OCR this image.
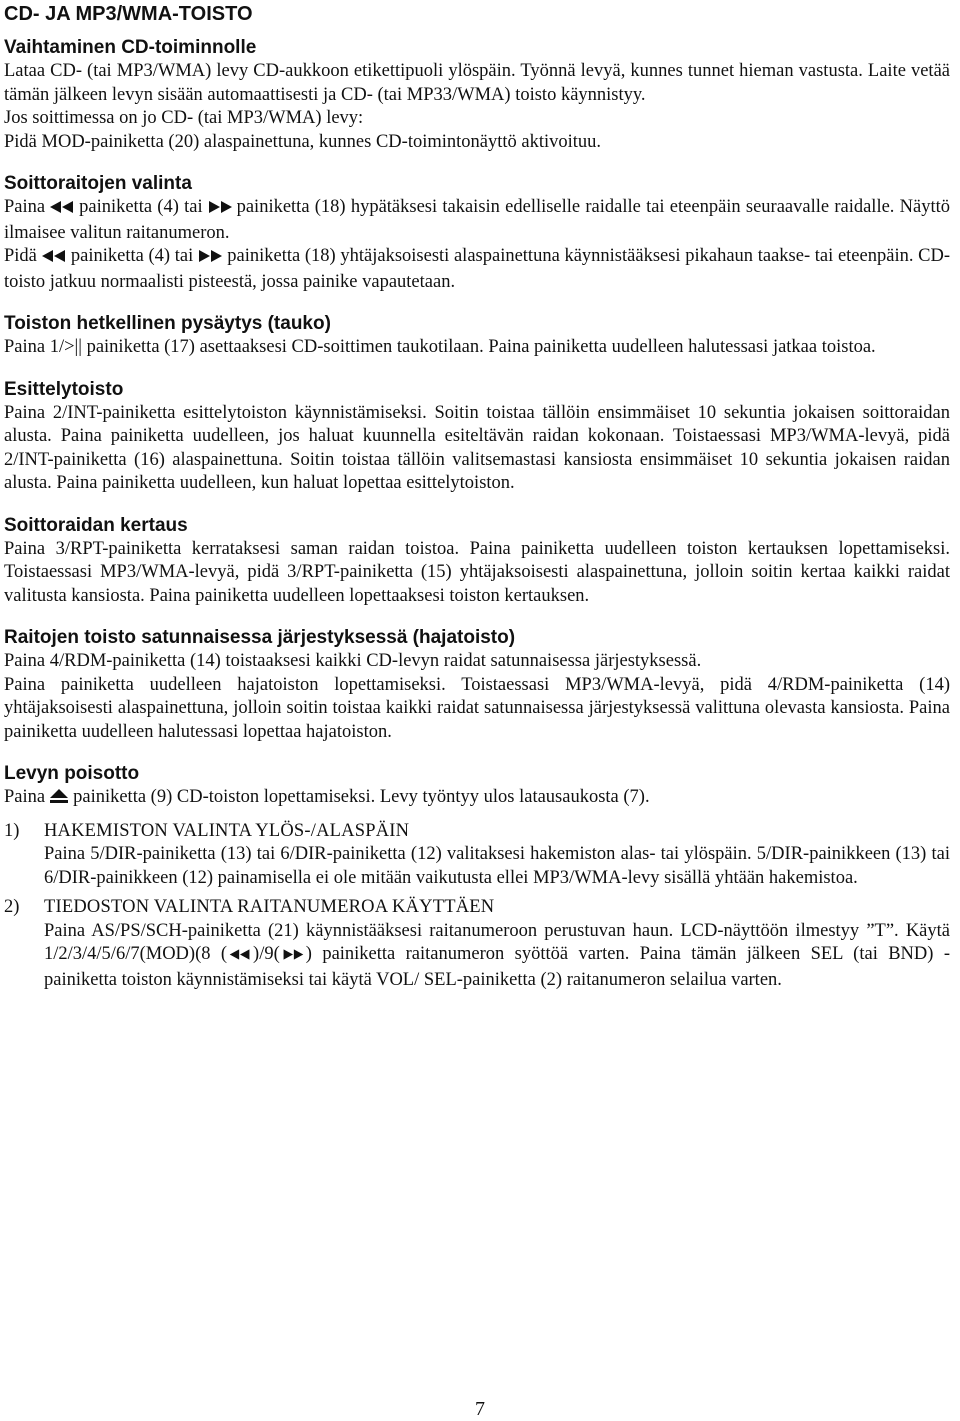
CD- JA MP3/WMA-TOISTO
Vaihtaminen CD-toiminnolle

Lataa CD- (tai MP3/WMA) levy CD-aukkoon etikettipuoli ylöspäin. Työnnä levyä, kunnes tunnet hieman vastusta. Laite vetää tämän jälkeen levyn sisään automaattisesti ja CD- (tai MP33/WMA) toisto käynnistyy.

Jos soittimessa on jo CD- (tai MP3/WMA) levy:

Pidä MOD-painiketta (20) alaspainettuna, kunnes CD-toimintonäyttö aktivoituu.

Soittoraitojen valinta

Paina painiketta (4) tai painiketta (18) hypätäksesi takaisin edelliselle raidalle tai eteenpäin seuraavalle raidalle. Näyttö ilmaisee valitun raitanumeron.

Pidä painiketta (4) tai painiketta (18) yhtäjaksoisesti alaspainettuna käynnistääksesi pikahaun taakse- tai eteenpäin. CD-toisto jatkuu normaalisti pisteestä, jossa painike vapautetaan.

Toiston hetkellinen pysäytys (tauko)

Paina 1/>|| painiketta (17) asettaaksesi CD-soittimen taukotilaan. Paina painiketta uudelleen halutessasi jatkaa toistoa.

Esittelytoisto

Paina 2/INT-painiketta esittelytoiston käynnistämiseksi. Soitin toistaa tällöin ensimmäiset 10 sekuntia jokaisen soittoraidan alusta. Paina painiketta uudelleen, jos haluat kuunnella esiteltävän raidan kokonaan. Toistaessasi MP3/WMA-levyä, pidä 2/INT-painiketta (16) alaspainettuna. Soitin toistaa tällöin valitsemastasi kansiosta ensimmäiset 10 sekuntia jokaisen raidan alusta. Paina painiketta uudelleen, kun haluat lopettaa esittelytoiston.

Soittoraidan kertaus

Paina 3/RPT-painiketta kerrataksesi saman raidan toistoa. Paina painiketta uudelleen toiston kertauksen lopettamiseksi. Toistaessasi MP3/WMA-levyä, pidä 3/RPT-painiketta (15) yhtäjaksoisesti alaspainettuna, jolloin soitin kertaa kaikki raidat valitusta kansiosta. Paina painiketta uudelleen lopettaaksesi toiston kertauksen.

Raitojen toisto satunnaisessa järjestyksessä (hajatoisto)

Paina 4/RDM-painiketta (14) toistaaksesi kaikki CD-levyn raidat satunnaisessa järjestyksessä.

Paina painiketta uudelleen hajatoiston lopettamiseksi. Toistaessasi MP3/WMA-levyä, pidä 4/RDM-painiketta (14) yhtäjaksoisesti alaspainettuna, jolloin soitin toistaa kaikki raidat satunnaisessa järjestyksessä valittuna olevasta kansiosta. Paina painiketta uudelleen halutessasi lopettaa hajatoiston.

Levyn poisotto

Paina painiketta (9) CD-toiston lopettamiseksi. Levy työntyy ulos latausaukosta (7).

1)	HAKEMISTON VALINTA YLÖS-/ALASPÄIN

Paina 5/DIR-painiketta (13) tai 6/DIR-painiketta (12) valitaksesi hakemiston alas- tai ylöspäin. 5/DIR-painikkeen (13) tai 6/DIR-painikkeen (12) painamisella ei ole mitään vaikutusta ellei MP3/WMA-levy sisällä yhtään hakemistoa.

2)	TIEDOSTON VALINTA RAITANUMEROA KÄYTTÄEN

Paina AS/PS/SCH-painiketta (21) käynnistääksesi raitanumeroon perustuvan haun. LCD-näyttöön ilmestyy ”T”. Käytä 1/2/3/4/5/6/7(MOD)(8 ( )/9( ) painiketta raitanumeron syöttöä varten. Paina tämän jälkeen SEL (tai BND) -painiketta toiston käynnistämiseksi tai käytä VOL/ SEL-painiketta (2) raitanumeron selailua varten.

7
